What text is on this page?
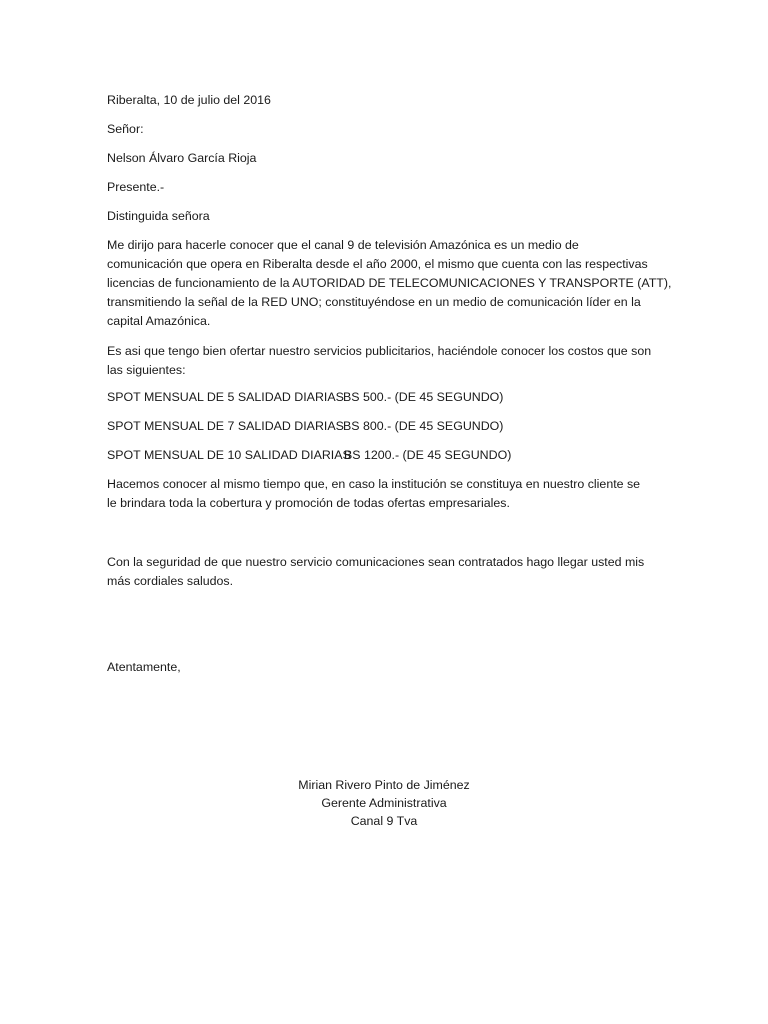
Riberalta, 10 de julio del 2016
Señor:
Nelson Álvaro García Rioja
Presente.-
Distinguida señora
Me dirijo para hacerle conocer que el canal 9 de televisión Amazónica es un medio de
comunicación que opera en Riberalta desde el año 2000, el mismo que cuenta con las respectivas
licencias de funcionamiento de la AUTORIDAD DE TELECOMUNICACIONES Y TRANSPORTE (ATT),
transmitiendo la señal de la RED UNO; constituyéndose en un medio de comunicación líder en la
capital Amazónica.
Es asi que tengo bien ofertar nuestro servicios publicitarios, haciéndole conocer los costos que son
las siguientes:
SPOT MENSUAL DE 5 SALIDAD DIARIASBS 500.- (DE 45 SEGUNDO)
SPOT MENSUAL DE 7 SALIDAD DIARIASBS 800.- (DE 45 SEGUNDO)
SPOT MENSUAL DE 10 SALIDAD DIARIASBS 1200.- (DE 45 SEGUNDO)
Hacemos conocer al mismo tiempo que, en caso la institución se constituya en nuestro cliente se
le brindara toda la cobertura y promoción de todas ofertas empresariales.
Con la seguridad de que nuestro servicio comunicaciones sean contratados hago llegar usted mis
más cordiales saludos.
Atentamente,
Mirian Rivero Pinto de Jiménez
Gerente Administrativa
Canal 9 Tva
